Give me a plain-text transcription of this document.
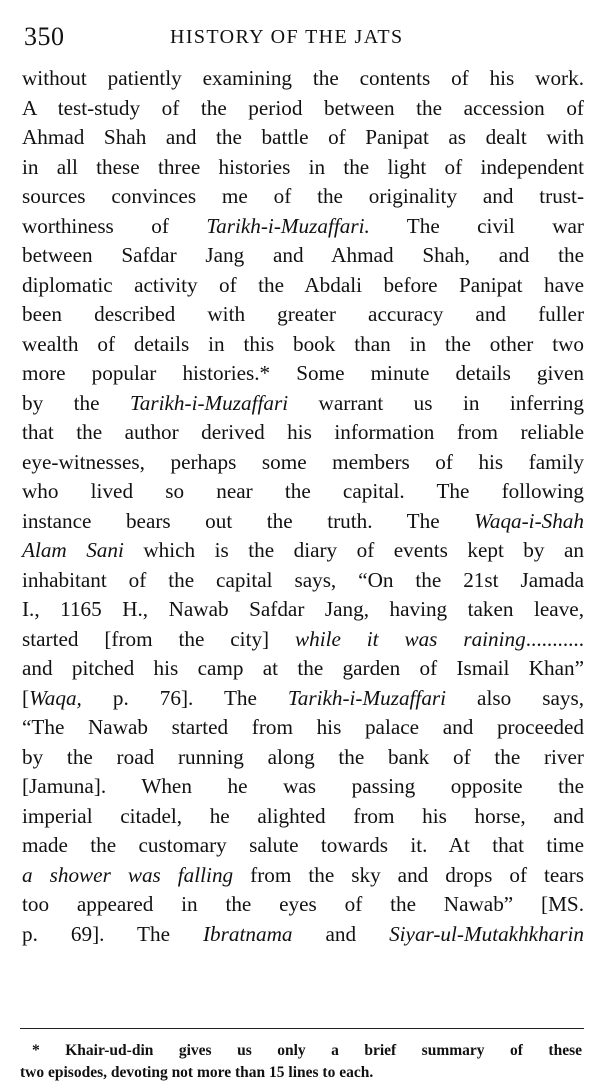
350	HISTORY OF THE JATS
without patiently examining the contents of his work.
A test-study of the period between the accession of
Ahmad Shah and the battle of Panipat as dealt with
in all these three histories in the light of independent
sources convinces me of the originality and trust-
worthiness of Tarikh-i-Muzaffari. The civil war
between Safdar Jang and Ahmad Shah, and the
diplomatic activity of the Abdali before Panipat have
been described with greater accuracy and fuller
wealth of details in this book than in the other two
more popular histories.* Some minute details given
by the Tarikh-i-Muzaffari warrant us in inferring
that the author derived his information from reliable
eye-witnesses, perhaps some members of his family
who lived so near the capital. The following
instance bears out the truth. The Waqa-i-Shah
Alam Sani which is the diary of events kept by an
inhabitant of the capital says, “On the 21st Jamada
I., 1165 H., Nawab Safdar Jang, having taken leave,
started [from the city] while it was raining...........
and pitched his camp at the garden of Ismail Khan”
[Waqa, p. 76]. The Tarikh-i-Muzaffari also says,
“The Nawab started from his palace and proceeded
by the road running along the bank of the river
[Jamuna]. When he was passing opposite the
imperial citadel, he alighted from his horse, and
made the customary salute towards it. At that time
a shower was falling from the sky and drops of tears
too appeared in the eyes of the Nawab” [MS.
p. 69]. The Ibratnama and Siyar-ul-Mutakhkharin
* Khair-ud-din gives us only a brief summary of these
two episodes, devoting not more than 15 lines to each.
